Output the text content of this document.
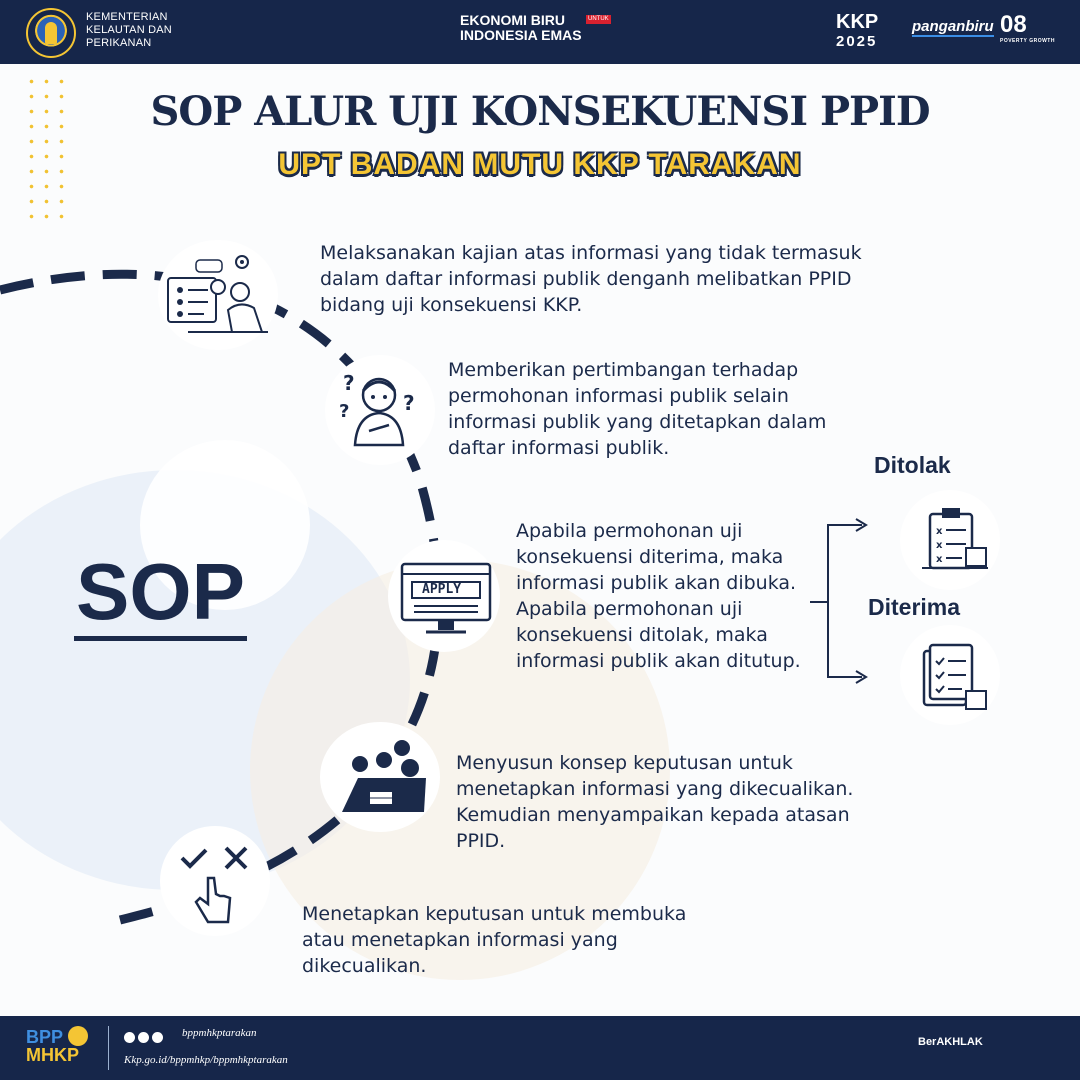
KEMENTERIAN
KELAUTAN DAN
PERIKANAN
EKONOMI BIRU	UNTUK
INDONESIA EMAS
KKP
2025
panganbiru 08
POVERTY GROWTH
SOP ALUR UJI KONSEKUENSI PPID
UPT BADAN MUTU KKP TARAKAN
SOP
Melaksanakan kajian atas informasi yang tidak termasuk dalam daftar informasi publik denganh melibatkan PPID bidang uji konsekuensi KKP.
?
?	?
Memberikan pertimbangan terhadap permohonan informasi publik selain informasi publik yang ditetapkan dalam daftar informasi publik.
APPLY
Apabila permohonan uji konsekuensi diterima, maka informasi publik akan dibuka. Apabila permohonan uji konsekuensi ditolak, maka informasi publik akan ditutup.
Ditolak
Diterima
x
x
x
Menyusun konsep keputusan untuk menetapkan informasi yang dikecualikan. Kemudian menyampaikan kepada atasan PPID.
Menetapkan keputusan untuk membuka atau menetapkan informasi yang dikecualikan.
BPP
MHKP
bppmhkptarakan
Kkp.go.id/bppmhkp/bppmhkptarakan
BerAKHLAK
